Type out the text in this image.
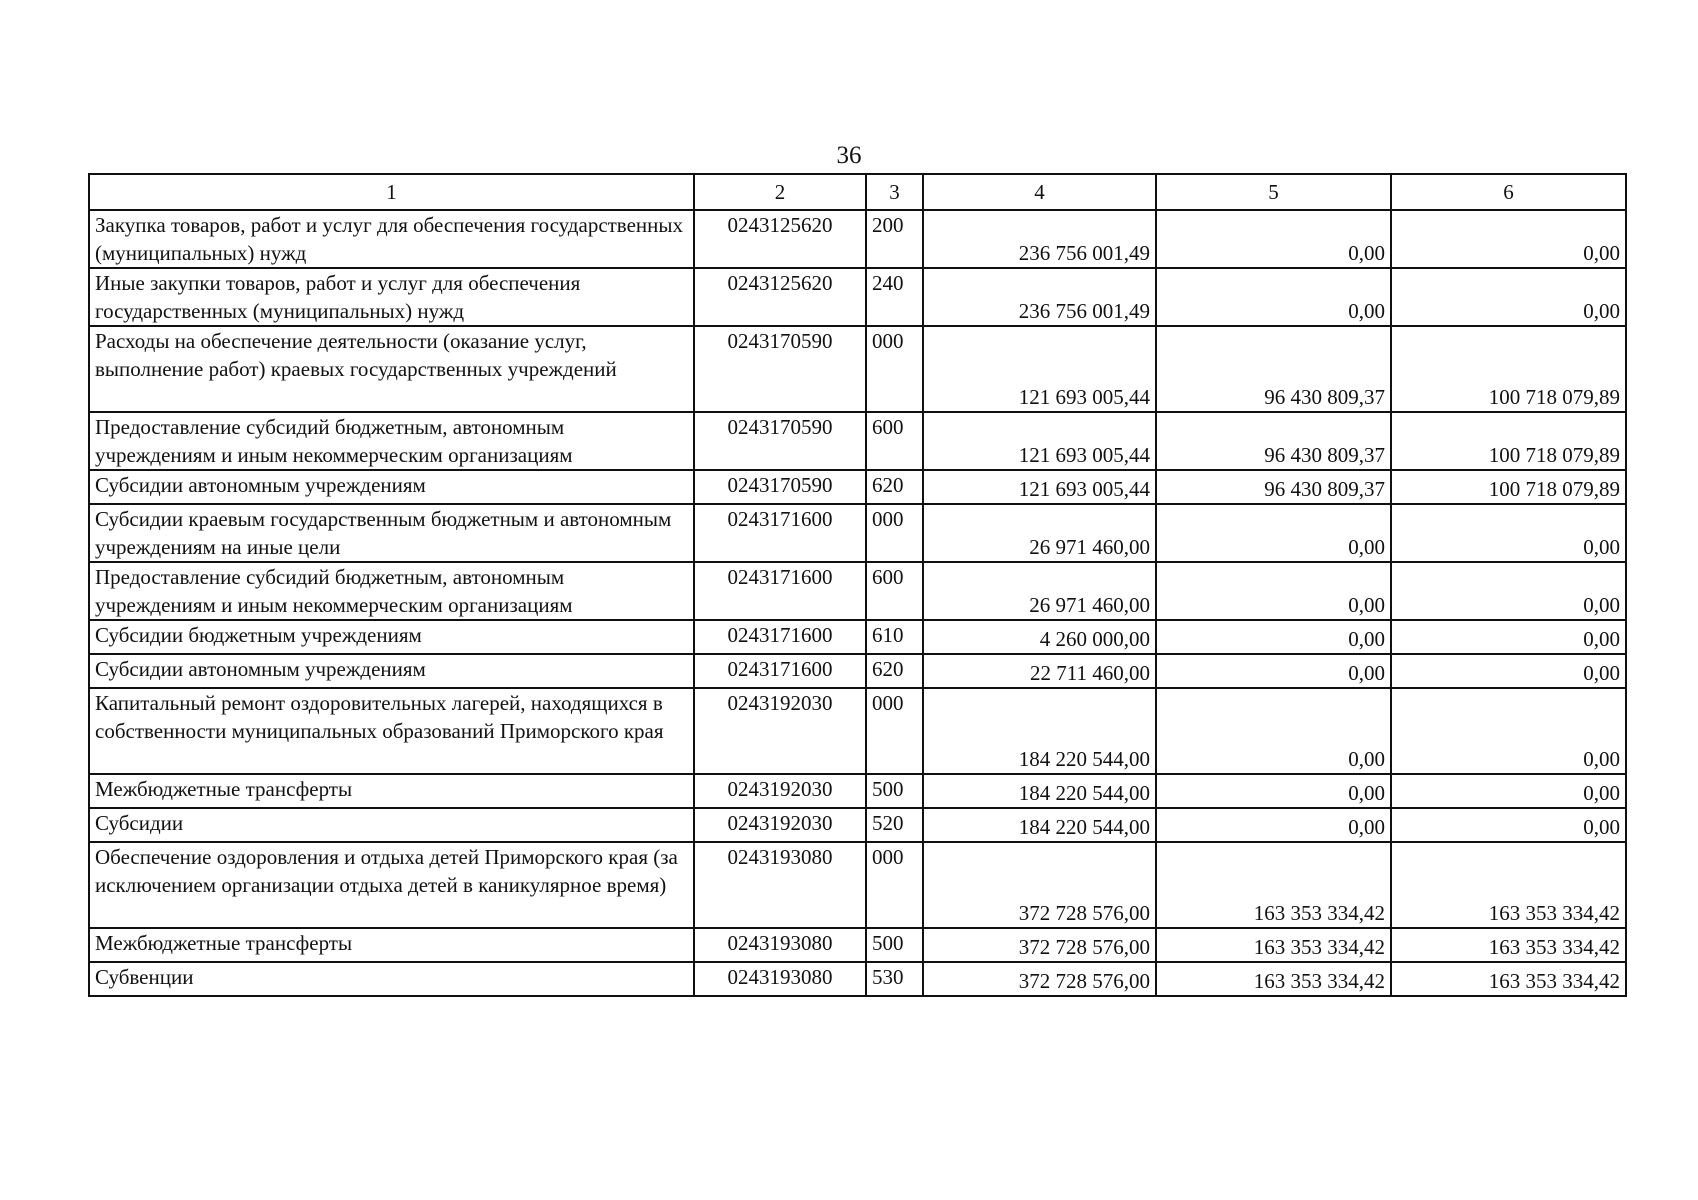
36
1	2	3	4	5	6
Закупка товаров, работ и услуг для обеспечения государственных (муниципальных) нужд	0243125620	200	236 756 001,49	0,00	0,00
Иные закупки товаров, работ и услуг для обеспечения государственных (муниципальных) нужд	0243125620	240	236 756 001,49	0,00	0,00
Расходы на обеспечение деятельности (оказание услуг, выполнение работ) краевых государственных учреждений	0243170590	000	121 693 005,44	96 430 809,37	100 718 079,89
Предоставление субсидий бюджетным, автономным учреждениям и иным некоммерческим организациям	0243170590	600	121 693 005,44	96 430 809,37	100 718 079,89
Субсидии автономным учреждениям	0243170590	620	121 693 005,44	96 430 809,37	100 718 079,89
Субсидии краевым государственным бюджетным и автономным учреждениям на иные цели	0243171600	000	26 971 460,00	0,00	0,00
Предоставление субсидий бюджетным, автономным учреждениям и иным некоммерческим организациям	0243171600	600	26 971 460,00	0,00	0,00
Субсидии бюджетным учреждениям	0243171600	610	4 260 000,00	0,00	0,00
Субсидии автономным учреждениям	0243171600	620	22 711 460,00	0,00	0,00
Капитальный ремонт оздоровительных лагерей, находящихся в собственности муниципальных образований Приморского края	0243192030	000	184 220 544,00	0,00	0,00
Межбюджетные трансферты	0243192030	500	184 220 544,00	0,00	0,00
Субсидии	0243192030	520	184 220 544,00	0,00	0,00
Обеспечение оздоровления и отдыха детей Приморского края (за исключением организации отдыха детей в каникулярное время)	0243193080	000	372 728 576,00	163 353 334,42	163 353 334,42
Межбюджетные трансферты	0243193080	500	372 728 576,00	163 353 334,42	163 353 334,42
Субвенции	0243193080	530	372 728 576,00	163 353 334,42	163 353 334,42
